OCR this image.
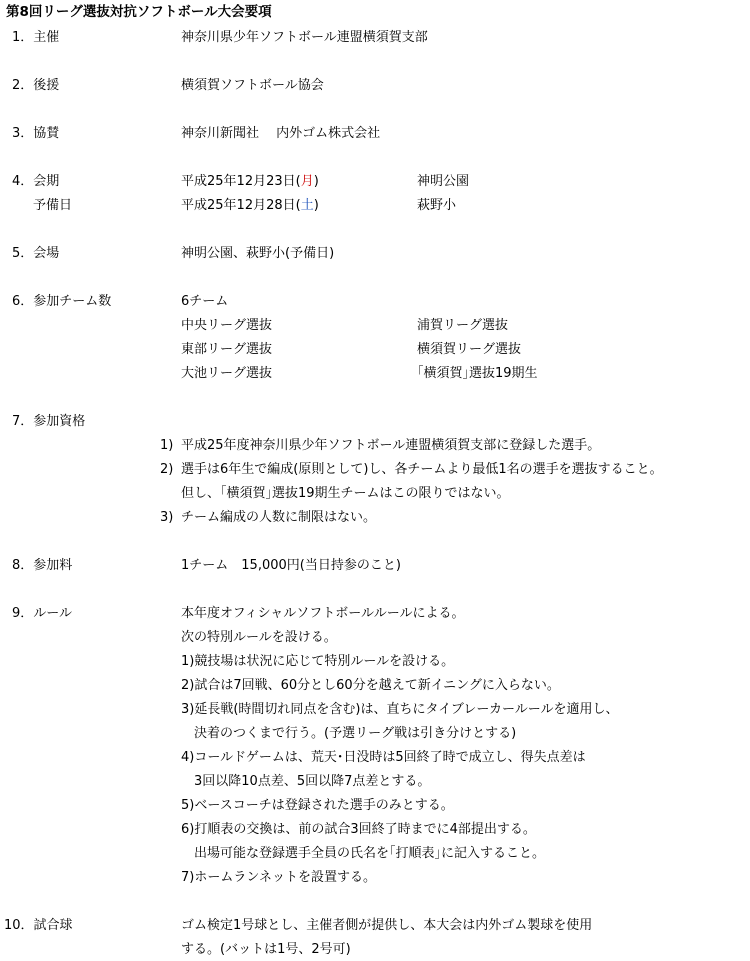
第8回リーグ選抜対抗ソフトボール大会要項
1．主催	神奈川県少年ソフトボール連盟横須賀支部
2．後援	横須賀ソフトボール協会
3．協賛	神奈川新聞社　 内外ゴム株式会社
4．会期	平成25年12月23日(月)	神明公園
予備日	平成25年12月28日(土)	萩野小
5．会場	神明公園、萩野小(予備日)
6．参加チーム数	6チーム
中央リーグ選抜	浦賀リーグ選抜
東部リーグ選抜	横須賀リーグ選抜
大池リーグ選抜	｢横須賀｣選抜19期生
7．参加資格
1) 平成25年度神奈川県少年ソフトボール連盟横須賀支部に登録した選手。
2) 選手は6年生で編成(原則として)し、各チームより最低1名の選手を選抜すること。
但し、｢横須賀｣選抜19期生チームはこの限りではない。
3) チーム編成の人数に制限はない。
8．参加料	1チーム　15,000円(当日持参のこと)
9．ルール	本年度オフィシャルソフトボールルールによる。
次の特別ルールを設ける。
1)競技場は状況に応じて特別ルールを設ける。
2)試合は7回戦、60分とし60分を越えて新イニングに入らない。
3)延長戦(時間切れ同点を含む)は、直ちにタイブレーカールールを適用し、
　決着のつくまで行う。(予選リーグ戦は引き分けとする)
4)コールドゲームは、荒天･日没時は5回終了時で成立し、得失点差は
　3回以降10点差、5回以降7点差とする。
5)ベースコーチは登録された選手のみとする。
6)打順表の交換は、前の試合3回終了時までに4部提出する。
　出場可能な登録選手全員の氏名を｢打順表｣に記入すること。
7)ホームランネットを設置する。
10．試合球	ゴム検定1号球とし、主催者側が提供し、本大会は内外ゴム製球を使用
する。(バットは1号、2号可)
